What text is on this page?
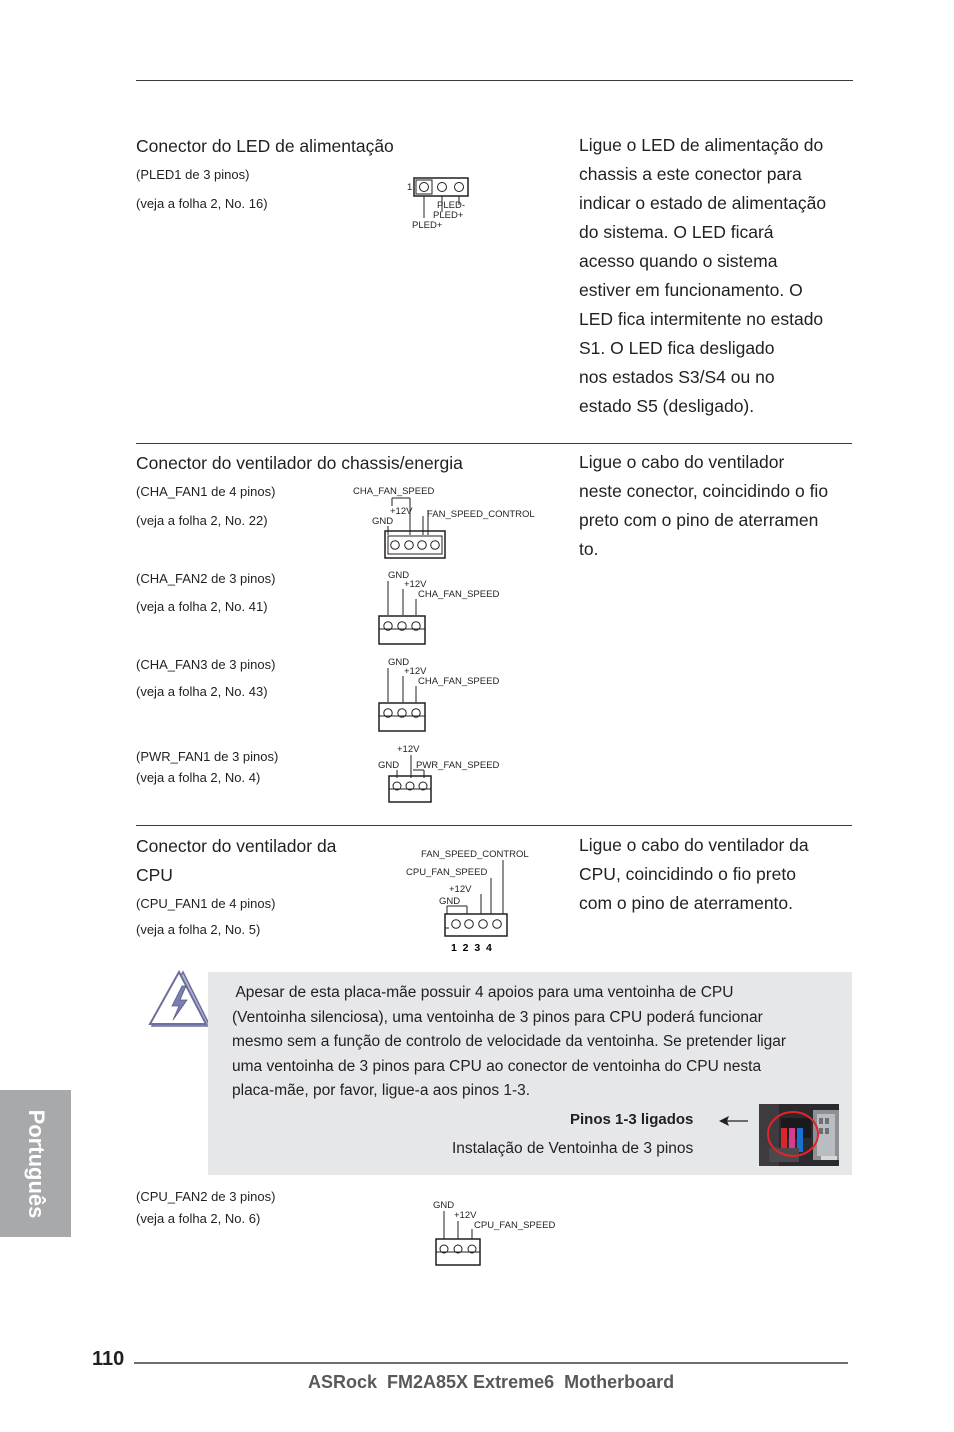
Conector do LED de alimentação
(PLED1 de 3 pinos)
(veja a folha 2, No. 16)
1
PLED-
PLED+
PLED+
Ligue o LED de alimentação do
chassis a este conector para
indicar o estado de alimentação
do sistema. O LED ficará
acesso quando o sistema
estiver em funcionamento. O
LED fica intermitente no estado
S1. O LED fica desligado
nos estados S3/S4 ou no
estado S5 (desligado).
Conector do ventilador do chassis/energia
(CHA_FAN1 de 4 pinos)
(veja a folha 2, No. 22)
CHA_FAN_SPEED
+12V
GND
FAN_SPEED_CONTROL
Ligue o cabo do ventilador
neste conector, coincidindo o fio
preto com o pino de aterramen
to.
(CHA_FAN2 de 3 pinos)
(veja a folha 2, No. 41)
GND
+12V
CHA_FAN_SPEED
(CHA_FAN3 de 3 pinos)
(veja a folha 2, No. 43)
GND
+12V
CHA_FAN_SPEED
(PWR_FAN1 de 3 pinos)
(veja a folha 2, No. 4)
+12V
GND PWR_FAN_SPEED
Conector do ventilador da
CPU
(CPU_FAN1 de 4 pinos)
(veja a folha 2, No. 5)
FAN_SPEED_CONTROL
CPU_FAN_SPEED
+12V
GND
1  2  3  4
Ligue o cabo do ventilador da
CPU, coincidindo o fio preto
com o pino de aterramento.
Apesar de esta placa-mãe possuir 4 apoios para uma ventoinha de CPU
(Ventoinha silenciosa), uma ventoinha de 3 pinos para CPU poderá funcionar
mesmo sem a função de controlo de velocidade da ventoinha. Se pretender ligar
uma ventoinha de 3 pinos para CPU ao conector de ventoinha do CPU nesta
placa-mãe, por favor, ligue-a aos pinos 1-3.
Pinos 1-3 ligados
Instalação de Ventoinha de 3 pinos
(CPU_FAN2 de 3 pinos)
(veja a folha 2, No. 6)
GND
+12V
CPU_FAN_SPEED
Português
110
ASRock  FM2A85X Extreme6  Motherboard
